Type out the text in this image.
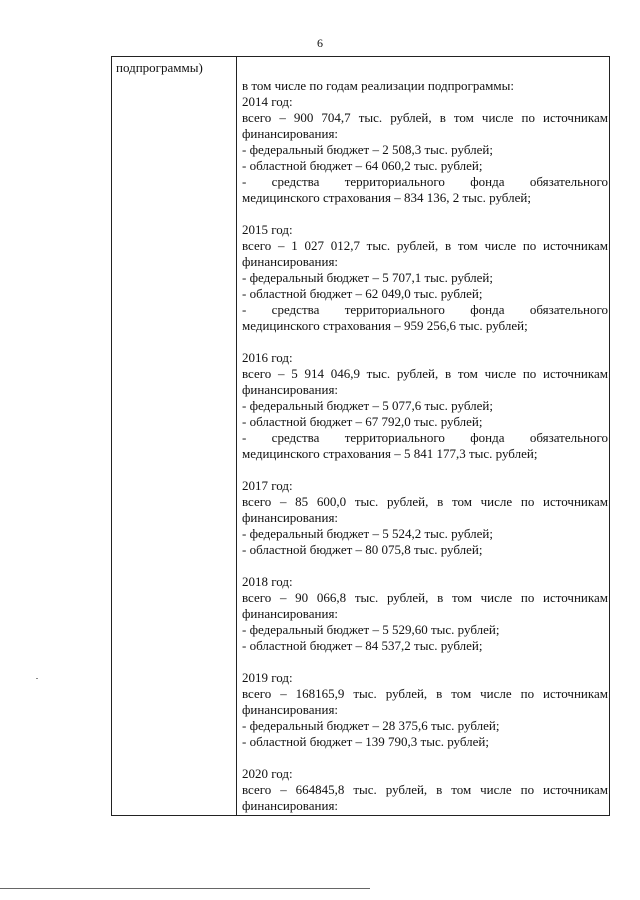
6
подпрограммы)
в том числе по годам реализации подпрограммы:
2014 год:
всего – 900 704,7 тыс. рублей, в том числе по источникам
финансирования:
- федеральный бюджет – 2 508,3 тыс. рублей;
- областной бюджет – 64 060,2 тыс. рублей;
- средства территориального фонда обязательного
медицинского страхования – 834 136, 2 тыс. рублей;
2015 год:
всего – 1 027 012,7 тыс. рублей, в том числе по источникам
финансирования:
- федеральный бюджет – 5 707,1 тыс. рублей;
- областной бюджет – 62 049,0 тыс. рублей;
- средства территориального фонда обязательного
медицинского страхования – 959 256,6 тыс. рублей;
2016 год:
всего – 5 914 046,9 тыс. рублей, в том числе по источникам
финансирования:
- федеральный бюджет – 5 077,6 тыс. рублей;
- областной бюджет – 67 792,0 тыс. рублей;
- средства территориального фонда обязательного
медицинского страхования – 5 841 177,3 тыс. рублей;
2017 год:
всего – 85 600,0 тыс. рублей, в том числе по источникам
финансирования:
- федеральный бюджет – 5 524,2 тыс. рублей;
- областной бюджет – 80 075,8 тыс. рублей;
2018 год:
всего – 90 066,8 тыс. рублей, в том числе по источникам
финансирования:
- федеральный бюджет – 5 529,60 тыс. рублей;
- областной бюджет – 84 537,2 тыс. рублей;
2019 год:
всего – 168165,9 тыс. рублей, в том числе по источникам
финансирования:
- федеральный бюджет – 28 375,6 тыс. рублей;
- областной бюджет – 139 790,3 тыс. рублей;
2020 год:
всего – 664845,8 тыс. рублей, в том числе по источникам
финансирования:
